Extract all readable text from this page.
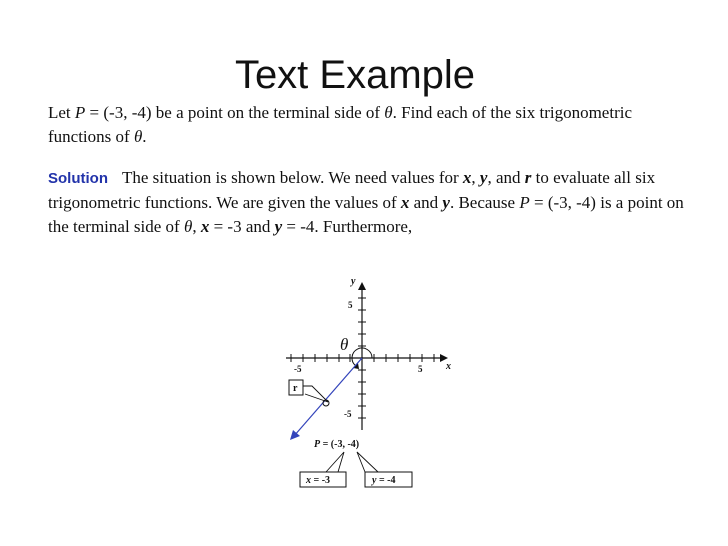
Text Example

Let P = (-3, -4) be a point on the terminal side of θ. Find each of the six trigonometric functions of θ.

Solution The situation is shown below. We need values for x, y, and r to evaluate all six trigonometric functions. We are given the values of x and y. Because P = (-3, -4) is a point on the terminal side of θ, x = -3 and y = -4. Furthermore,

x
y
5
-5
5
-5
θ
r
P = (-3, -4)
x = -3	y = -4
